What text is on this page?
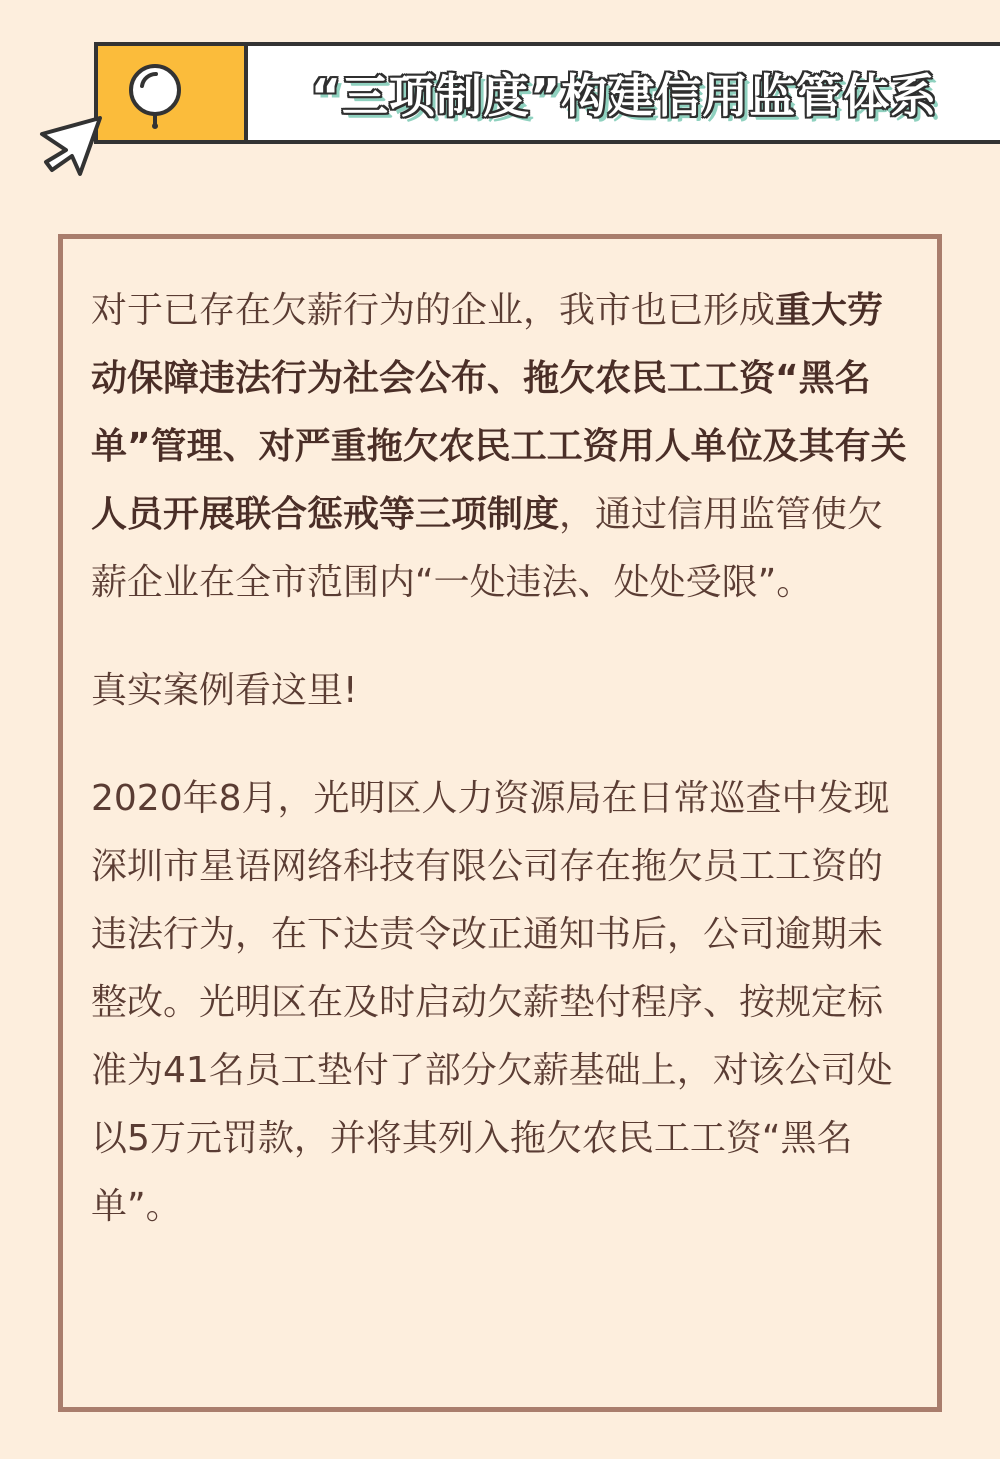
“三项制度”构建信用监管体系

对于已存在欠薪行为的企业，我市也已形成重大劳动保障违法行为社会公布、拖欠农民工工资“黑名单”管理、对严重拖欠农民工工资用人单位及其有关人员开展联合惩戒等三项制度，通过信用监管使欠薪企业在全市范围内“一处违法、处处受限”。

真实案例看这里!

2020年8月，光明区人力资源局在日常巡查中发现深圳市星语网络科技有限公司存在拖欠员工工资的违法行为，在下达责令改正通知书后，公司逾期未整改。光明区在及时启动欠薪垫付程序、按规定标准为41名员工垫付了部分欠薪基础上，对该公司处以5万元罚款，并将其列入拖欠农民工工资“黑名单”。
